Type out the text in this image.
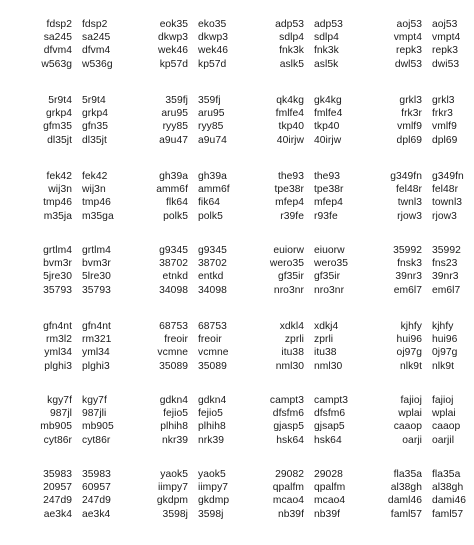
fdsp2
sa245
dfvm4
w563g
fdsp2
sa245
dfvm4
w536g
eok35
dkwp3
wek46
kp57d
eko35
dkwp3
wek46
kp57d
adp53
sdlp4
fnk3k
aslk5
adp53
sdlp4
fnk3k
asl5k
aoj53
vmpt4
repk3
dwl53
aoj53
vmpt4
repk3
dwi53
5r9t4
grkp4
gfm35
dl35jt
5r9t4
grkp4
gfn35
dl35jt
359fj
aru95
ryy85
a9u47
359fj
aru95
ryy85
a9u74
qk4kg
fmlfe4
tkp40
40irjw
gk4kg
fmlfe4
tkp40
40irjw
grkl3
frk3r
vmlf9
dpl69
grkl3
frkr3
vmlf9
dpl69
fek42
wij3n
tmp46
m35ja
fek42
wij3n
tmp46
m35ga
gh39a
amm6f
flk64
polk5
gh39a
amm6f
fik64
polk5
the93
tpe38r
mfep4
r39fe
the93
tpe38r
mfep4
r93fe
g349fn
fel48r
twnl3
rjow3
g349fn
fel48r
townl3
rjow3
grtlm4
bvm3r
5jre30
35793
grtlm4
bvm3r
5lre30
35793
g9345
38702
etnkd
34098
g9345
38702
entkd
34098
euiorw
wero35
gf35ir
nro3nr
eiuorw
wero35
gf35ir
nro3nr
35992
fnsk3
39nr3
em6l7
35992
fns23
39nr3
em6l7
gfn4nt
rm3l2
yml34
plghi3
gfn4nt
rm321
yml34
plghi3
68753
freoir
vcmne
35089
68753
freoir
vcmne
35089
xdkl4
zprli
itu38
nml30
xdkj4
zprli
itu38
nml30
kjhfy
hui96
oj97g
nlk9t
kjhfy
hui96
0j97g
nlk9t
kgy7f
987jl
mb905
cyt86r
kgy7f
987jli
mb905
cyt86r
gdkn4
fejio5
plhih8
nkr39
gdkn4
fejio5
plhih8
nrk39
campt3
dfsfm6
gjasp5
hsk64
campt3
dfsfm6
gjsap5
hsk64
fajioj
wplai
caaop
oarji
fajioj
wplai
caaop
oarjil
35983
20957
247d9
ae3k4
35983
60957
247d9
ae3k4
yaok5
iimpy7
gkdpm
3598j
yaok5
iimpy7
gkdmp
3598j
29082
qpalfm
mcao4
nb39f
29028
qpalfm
mcao4
nb39f
fla35a
al38gh
daml46
faml57
fla35a
al38gh
dami46
faml57
